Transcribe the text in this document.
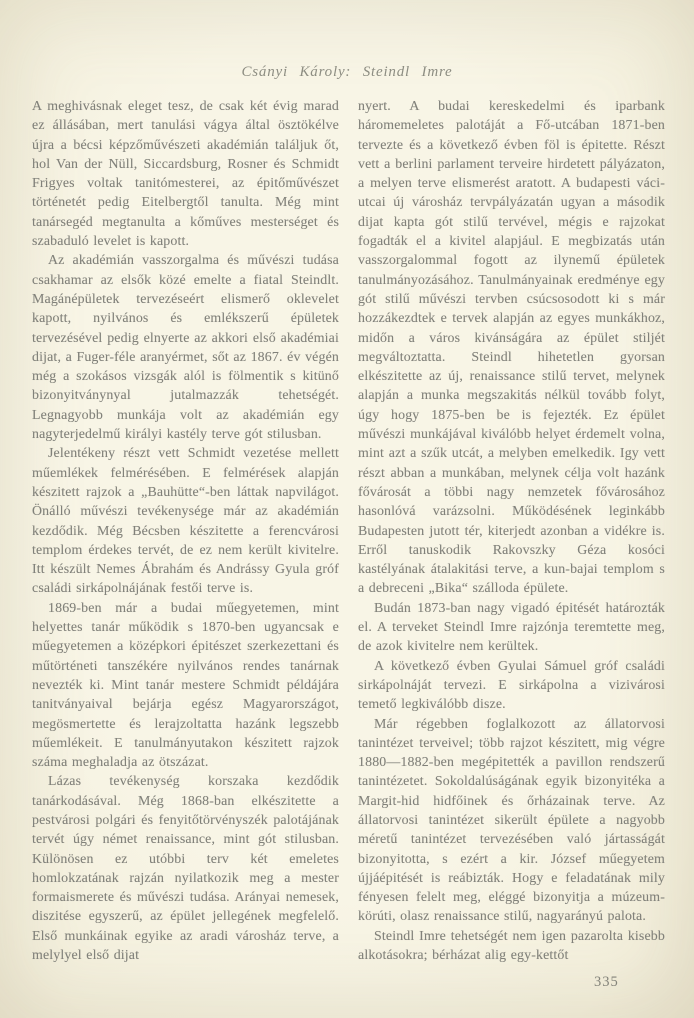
Csányi Károly: Steindl Imre

A meghivásnak eleget tesz, de csak két évig marad ez állásában, mert tanulási vágya által ösztökélve újra a bécsi képzőművészeti akadémián találjuk őt, hol Van der Nüll, Siccardsburg, Rosner és Schmidt Frigyes voltak tanitómesterei, az épitőművészet történetét pedig Eitelbergtől tanulta. Még mint tanársegéd megtanulta a kőműves mesterséget és szabaduló levelet is kapott.

Az akadémián vasszorgalma és művészi tudása csakhamar az elsők közé emelte a fiatal Steindlt. Magánépületek tervezéseért elismerő oklevelet kapott, nyilvános és emlékszerű épületek tervezésével pedig elnyerte az akkori első akadémiai dijat, a Fuger-féle aranyérmet, sőt az 1867. év végén még a szokásos vizsgák alól is fölmentik s kitünő bizonyitványnyal jutalmazzák tehetségét. Legnagyobb munkája volt az akadémián egy nagyterjedelmű királyi kastély terve gót stilusban.

Jelentékeny részt vett Schmidt vezetése mellett műemlékek felmérésében. E felmérések alapján készitett rajzok a „Bauhütte“-ben láttak napvilágot. Önálló művészi tevékenysége már az akadémián kezdődik. Még Bécsben készitette a ferencvárosi templom érdekes tervét, de ez nem került kivitelre. Itt készült Nemes Ábrahám és Andrássy Gyula gróf családi sirkápolnájának festői terve is.

1869-ben már a budai műegyetemen, mint helyettes tanár működik s 1870-ben ugyancsak e műegyetemen a középkori épitészet szerkezettani és műtörténeti tanszékére nyilvános rendes tanárnak nevezték ki. Mint tanár mestere Schmidt példájára tanitványaival bejárja egész Magyarországot, megösmertette és lerajzoltatta hazánk legszebb műemlékeit. E tanulmányutakon készitett rajzok száma meghaladja az ötszázat.

Lázas tevékenység korszaka kezdődik tanárkodásával. Még 1868-ban elkészitette a pestvárosi polgári és fenyitőtörvényszék palotájának tervét úgy német renaissance, mint gót stilusban. Különösen ez utóbbi terv két emeletes homlokzatának rajzán nyilatkozik meg a mester formaismerete és művészi tudása. Arányai nemesek, diszitése egyszerű, az épület jellegének megfelelő. Első munkáinak egyike az aradi városház terve, a melylyel első dijat

nyert. A budai kereskedelmi és iparbank háromemeletes palotáját a Fő-utcában 1871-ben tervezte és a következő évben föl is épitette. Részt vett a berlini parlament terveire hirdetett pályázaton, a melyen terve elismerést aratott. A budapesti váci-utcai új városház tervpályázatán ugyan a második dijat kapta gót stilű tervével, mégis e rajzokat fogadták el a kivitel alapjául. E megbizatás után vasszorgalommal fogott az ilynemű épületek tanulmányozásához. Tanulmányainak eredménye egy gót stilű művészi tervben csúcsosodott ki s már hozzákezdtek e tervek alapján az egyes munkákhoz, midőn a város kivánságára az épület stiljét megváltoztatta. Steindl hihetetlen gyorsan elkészitette az új, renaissance stilű tervet, melynek alapján a munka megszakitás nélkül tovább folyt, úgy hogy 1875-ben be is fejezték. Ez épület művészi munkájával kiválóbb helyet érdemelt volna, mint azt a szűk utcát, a melyben emelkedik. Igy vett részt abban a munkában, melynek célja volt hazánk fővárosát a többi nagy nemzetek fővárosához hasonlóvá varázsolni. Működésének leginkább Budapesten jutott tér, kiterjedt azonban a vidékre is. Erről tanuskodik Rakovszky Géza kosóci kastélyának átalakitási terve, a kun-bajai templom s a debreceni „Bika“ szálloda épülete.

Budán 1873-ban nagy vigadó épitését határozták el. A terveket Steindl Imre rajzónja teremtette meg, de azok kivitelre nem kerültek.

A következő évben Gyulai Sámuel gróf családi sirkápolnáját tervezi. E sirkápolna a vizivárosi temető legkiválóbb disze.

Már régebben foglalkozott az állatorvosi tanintézet terveivel; több rajzot készitett, mig végre 1880—1882-ben megépitették a pavillon rendszerű tanintézetet. Sokoldalúságának egyik bizonyitéka a Margit-hid hidfőinek és őrházainak terve. Az állatorvosi tanintézet sikerült épülete a nagyobb méretű tanintézet tervezésében való jártasságát bizonyitotta, s ezért a kir. József műegyetem újjáépitését is reábizták. Hogy e feladatának mily fényesen felelt meg, eléggé bizonyitja a múzeum-körúti, olasz renaissance stilű, nagyarányú palota.

Steindl Imre tehetségét nem igen pazarolta kisebb alkotásokra; bérházat alig egy-kettőt

335
